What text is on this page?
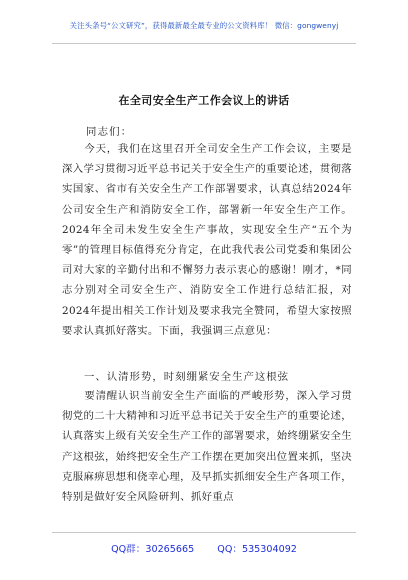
关注头条号“公文研究”，获得最新最全最专业的公文资料库！ 微信：gongwenyj
在全司安全生产工作会议上的讲话
同志们：

今天，我们在这里召开全司安全生产工作会议，主要是深入学习贯彻习近平总书记关于安全生产的重要论述，贯彻落实国家、省市有关安全生产工作部署要求，认真总结2024年公司安全生产和消防安全工作，部署新一年安全生产工作。2024年全司未发生安全生产事故，实现安全生产“五个为零”的管理目标值得充分肯定，在此我代表公司党委和集团公司对大家的辛勤付出和不懈努力表示衷心的感谢！刚才，*同志分别对全司安全生产、消防安全工作进行总结汇报，对2024年提出相关工作计划及要求我完全赞同，希望大家按照要求认真抓好落实。下面，我强调三点意见：

一、认清形势，时刻绷紧安全生产这根弦

要清醒认识当前安全生产面临的严峻形势，深入学习贯彻党的二十大精神和习近平总书记关于安全生产的重要论述，认真落实上级有关安全生产工作的部署要求，始终绷紧安全生产这根弦，始终把安全生产工作摆在更加突出位置来抓，坚决克服麻痹思想和侥幸心理，及早抓实抓细安全生产各项工作，特别是做好安全风险研判、抓好重点

QQ群：30265665 QQ：535304092
